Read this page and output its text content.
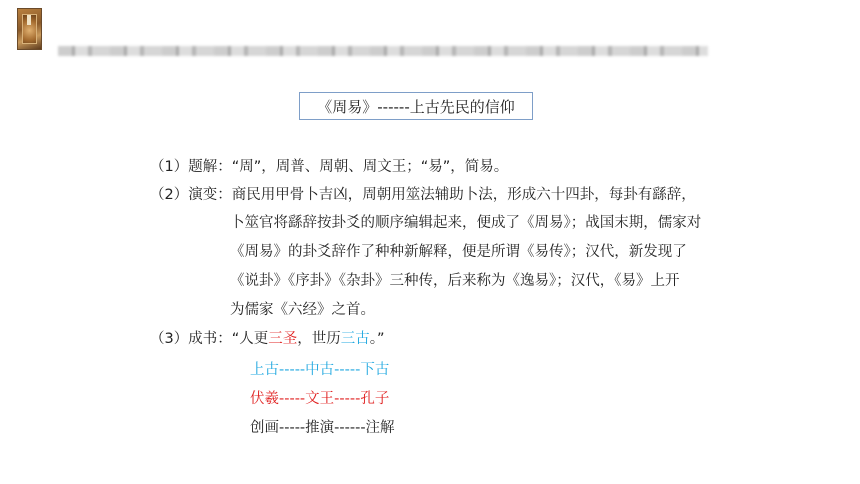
《周易》------上古先民的信仰
（1）题解：“周”，周普、周朝、周文王；“易”，简易。
（2）演变：商民用甲骨卜吉凶，周朝用筮法辅助卜法，形成六十四卦，每卦有繇辞，
卜筮官将繇辞按卦爻的顺序编辑起来，便成了《周易》；战国末期，儒家对
《周易》的卦爻辞作了种种新解释，便是所谓《易传》；汉代，新发现了
《说卦》《序卦》《杂卦》三种传，后来称为《逸易》；汉代，《易》上开
为儒家《六经》之首。
（3）成书：“人更三圣，世历三古。”
上古-----中古-----下古
伏羲-----文王-----孔子
创画-----推演------注解
